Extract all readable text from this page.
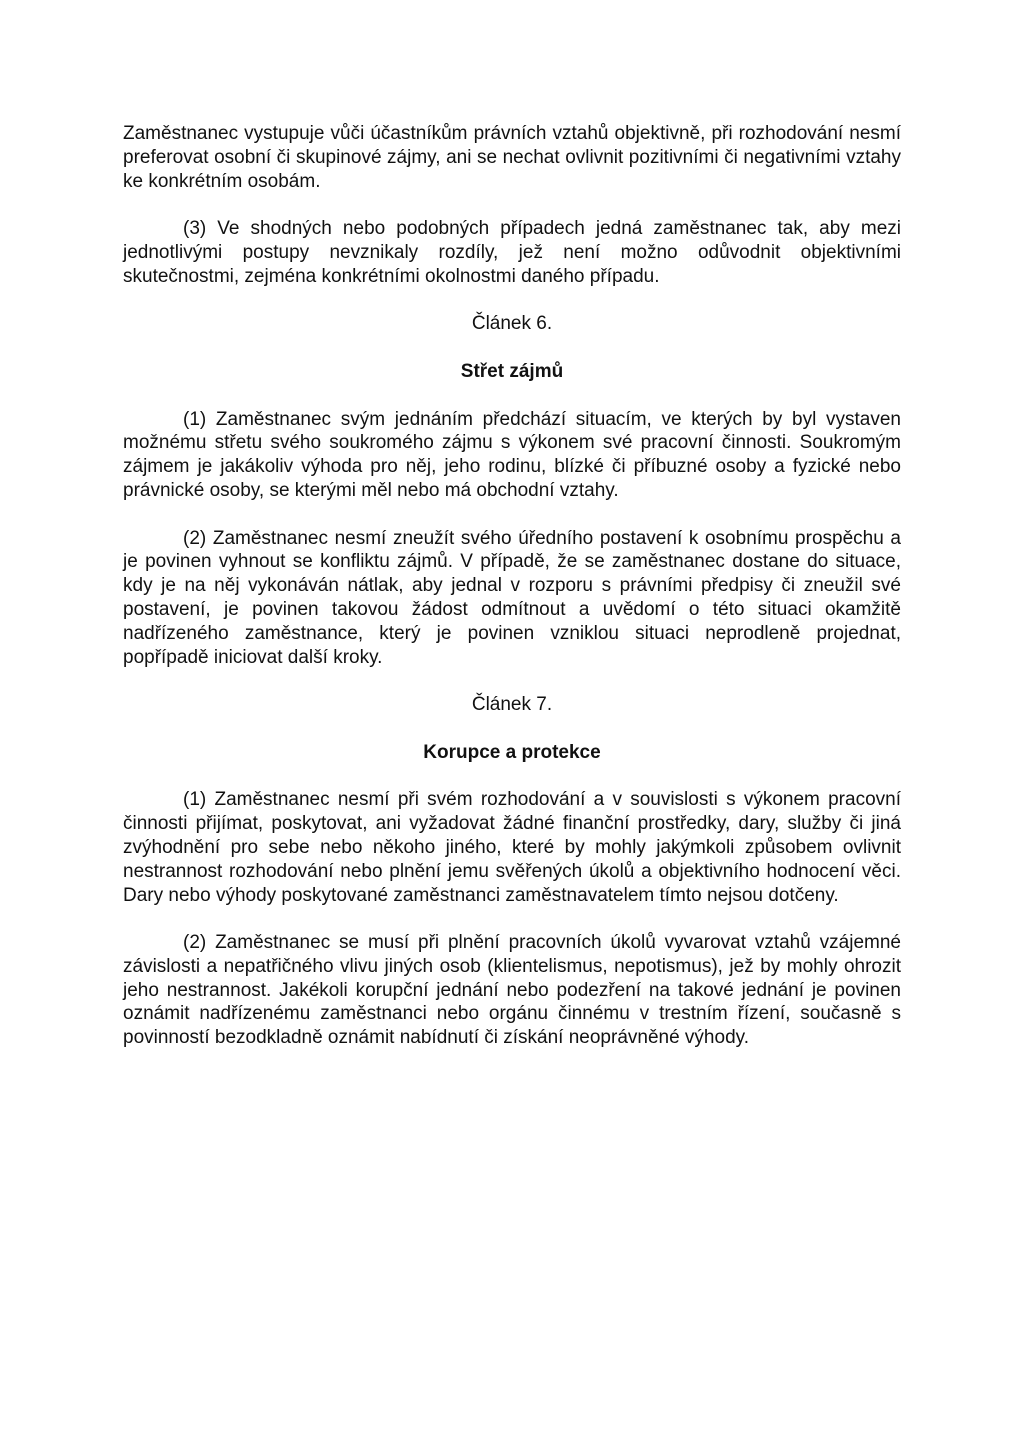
Zaměstnanec vystupuje vůči účastníkům právních vztahů objektivně, při rozhodování nesmí preferovat osobní či skupinové zájmy, ani se nechat ovlivnit pozitivními či negativními vztahy ke konkrétním osobám.

(3) Ve shodných nebo podobných případech jedná zaměstnanec tak, aby mezi jednotlivými postupy nevznikaly rozdíly, jež není možno odůvodnit objektivními skutečnostmi, zejména konkrétními okolnostmi daného případu.

Článek 6.
Střet zájmů

(1) Zaměstnanec svým jednáním předchází situacím, ve kterých by byl vystaven možnému střetu svého soukromého zájmu s výkonem své pracovní činnosti. Soukromým zájmem je jakákoliv výhoda pro něj, jeho rodinu, blízké či příbuzné osoby a fyzické nebo právnické osoby, se kterými měl nebo má obchodní vztahy.

(2) Zaměstnanec nesmí zneužít svého úředního postavení k osobnímu prospěchu a je povinen vyhnout se konfliktu zájmů. V případě, že se zaměstnanec dostane do situace, kdy je na něj vykonáván nátlak, aby jednal v rozporu s právními předpisy či zneužil své postavení, je povinen takovou žádost odmítnout a uvědomí o této situaci okamžitě nadřízeného zaměstnance, který je povinen vzniklou situaci neprodleně projednat, popřípadě iniciovat další kroky.

Článek 7.
Korupce a protekce

(1) Zaměstnanec nesmí při svém rozhodování a v souvislosti s výkonem pracovní činnosti přijímat, poskytovat, ani vyžadovat žádné finanční prostředky, dary, služby či jiná zvýhodnění pro sebe nebo někoho jiného, které by mohly jakýmkoli způsobem ovlivnit nestrannost rozhodování nebo plnění jemu svěřených úkolů a objektivního hodnocení věci. Dary nebo výhody poskytované zaměstnanci zaměstnavatelem tímto nejsou dotčeny.

(2) Zaměstnanec se musí při plnění pracovních úkolů vyvarovat vztahů vzájemné závislosti a nepatřičného vlivu jiných osob (klientelismus, nepotismus), jež by mohly ohrozit jeho nestrannost. Jakékoli korupční jednání nebo podezření na takové jednání je povinen oznámit nadřízenému zaměstnanci nebo orgánu činnému v trestním řízení, současně s povinností bezodkladně oznámit nabídnutí či získání neoprávněné výhody.
